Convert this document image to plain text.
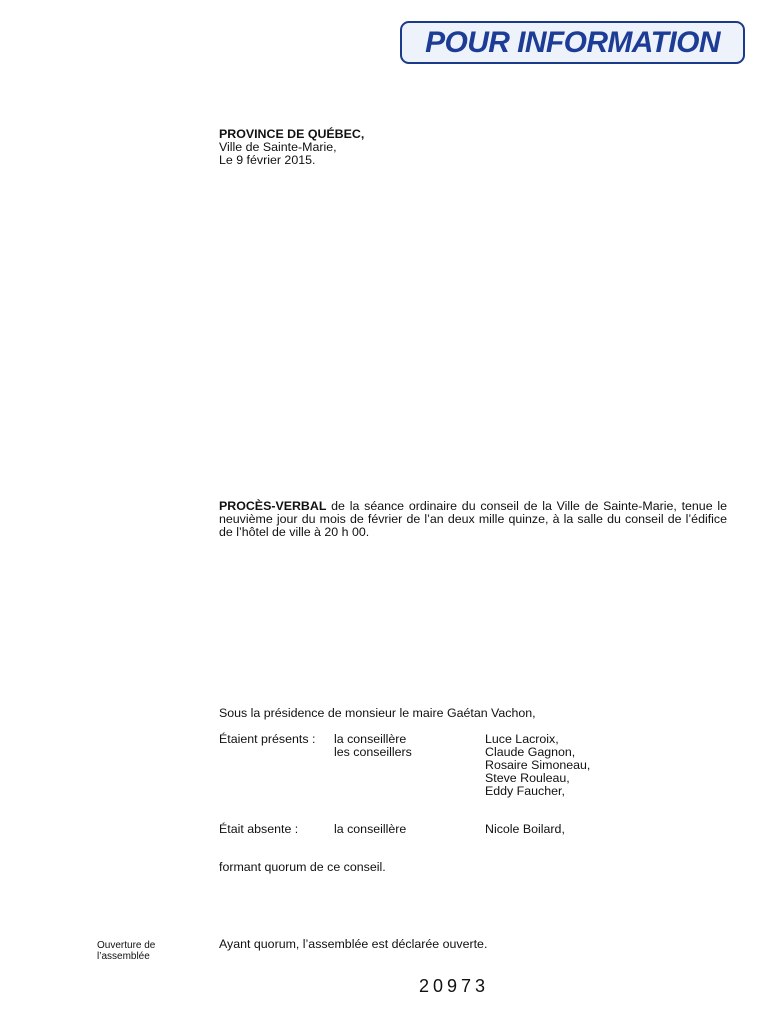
POUR INFORMATION
PROVINCE DE QUÉBEC,
Ville de Sainte-Marie,
Le 9 février 2015.
PROCÈS-VERBAL de la séance ordinaire du conseil de la Ville de Sainte-Marie, tenue le neuvième jour du mois de février de l’an deux mille quinze, à la salle du conseil de l’édifice de l’hôtel de ville à 20 h 00.
Sous la présidence de monsieur le maire Gaétan Vachon,
Étaient présents : la conseillère
les conseillers
Luce Lacroix,
Claude Gagnon,
Rosaire Simoneau,
Steve Rouleau,
Eddy Faucher,
Était absente :	la conseillère	Nicole Boilard,
formant quorum de ce conseil.
Ouverture de
l’assemblée
Ayant quorum, l’assemblée est déclarée ouverte.
20973
